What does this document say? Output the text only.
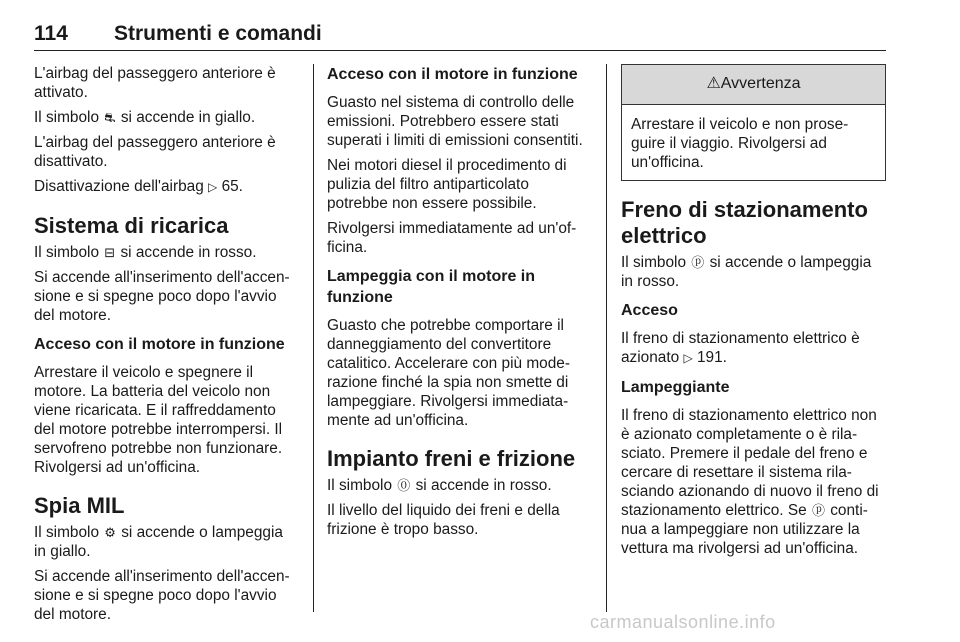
114 Strumenti e comandi

L'airbag del passeggero anteriore è attivato.

Il simbolo ⛐ si accende in giallo.

L'airbag del passeggero anteriore è disattivato.

Disattivazione dell'airbag ▷ 65.

Sistema di ricarica

Il simbolo ⊟ si accende in rosso.

Si accende all'inserimento dell'accen- sione e si spegne poco dopo l'avvio del motore.

Acceso con il motore in funzione

Arrestare il veicolo e spegnere il motore. La batteria del veicolo non viene ricaricata. E il raffreddamento del motore potrebbe interrompersi. Il servofreno potrebbe non funzionare. Rivolgersi ad un'officina.

Spia MIL

Il simbolo ⚙ si accende o lampeggia in giallo.

Si accende all'inserimento dell'accen- sione e si spegne poco dopo l'avvio del motore.

Acceso con il motore in funzione

Guasto nel sistema di controllo delle emissioni. Potrebbero essere stati superati i limiti di emissioni consentiti.

Nei motori diesel il procedimento di pulizia del filtro antiparticolato potrebbe non essere possibile.

Rivolgersi immediatamente ad un'of- ficina.

Lampeggia con il motore in funzione

Guasto che potrebbe comportare il danneggiamento del convertitore catalitico. Accelerare con più mode- razione finché la spia non smette di lampeggiare. Rivolgersi immediata- mente ad un'officina.

Impianto freni e frizione

Il simbolo ⓪ si accende in rosso.

Il livello del liquido dei freni e della frizione è tropo basso.

⚠Avvertenza

Arrestare il veicolo e non prose- guire il viaggio. Rivolgersi ad un'officina.

Freno di stazionamento elettrico

Il simbolo ⓟ si accende o lampeggia in rosso.

Acceso

Il freno di stazionamento elettrico è azionato ▷ 191.

Lampeggiante

Il freno di stazionamento elettrico non è azionato completamente o è rila- sciato. Premere il pedale del freno e cercare di resettare il sistema rila- sciando azionando di nuovo il freno di stazionamento elettrico. Se ⓟ conti- nua a lampeggiare non utilizzare la vettura ma rivolgersi ad un'officina.

carmanualsonline.info
